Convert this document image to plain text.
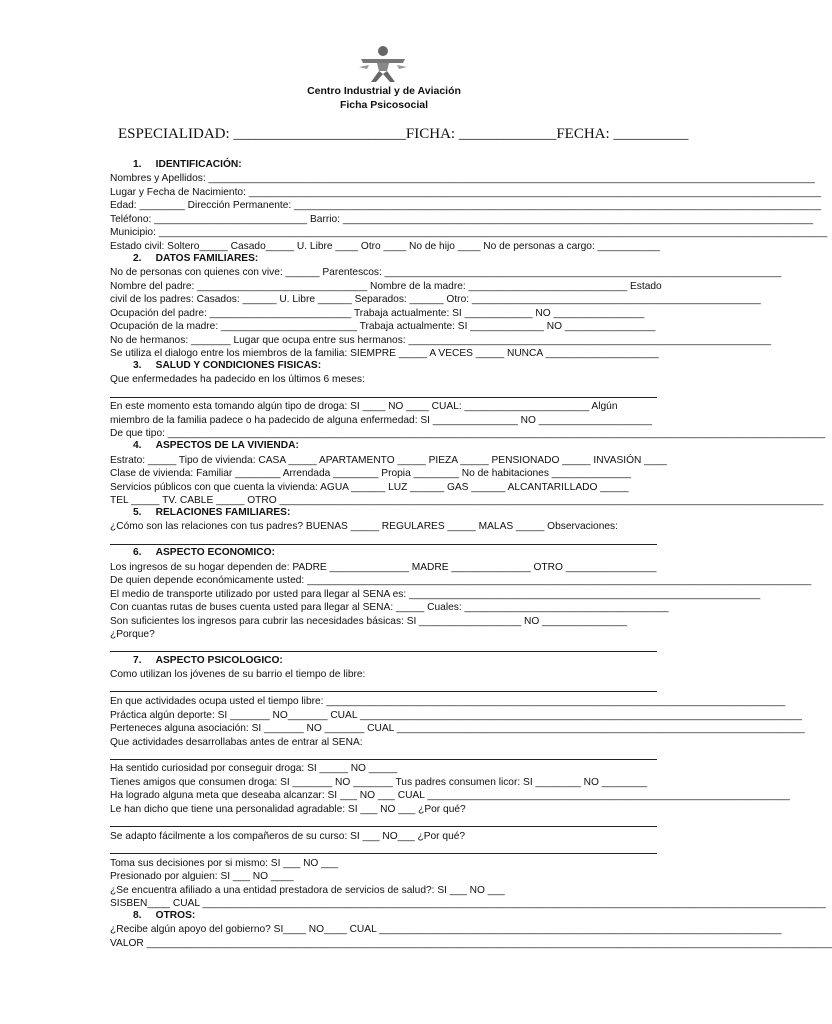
Centro Industrial y de Aviación
Ficha Psicosocial
ESPECIALIDAD: _______________________FICHA: _____________FECHA: __________
1.     IDENTIFICACIÓN:
Nombres y Apellidos: ___________________________________________________________________________________________________________
Lugar y Fecha de Nacimiento: _____________________________________________________________________________________________________
Edad: ________ Dirección Permanente: _____________________________________________________________________________________________
Teléfono: ___________________________ Barrio: ___________________________________________________________________________________
Municipio: ______________________________________________________________________________________________________________________
Estado civil: Soltero_____ Casado_____ U. Libre ____ Otro ____ No de hijo ____ No de personas a cargo: ___________
2.     DATOS FAMILIARES:
No de personas con quienes con vive: ______ Parentescos: ______________________________________________________________________
Nombre del padre: ______________________________ Nombre de la madre: ____________________________ Estado
civil de los padres: Casados: ______ U. Libre ______ Separados: ______ Otro: ___________________________________________________
Ocupación del padre: _________________________ Trabaja actualmente: SI ____________ NO ________________
Ocupación de la madre: ________________________ Trabaja actualmente: SI _____________ NO ________________
No de hermanos: _______ Lugar que ocupa entre sus hermanos: ________________________________________________________________
Se utiliza el dialogo entre los miembros de la familia: SIEMPRE _____ A VECES _____ NUNCA ____________________
3.     SALUD Y CONDICIONES FISICAS:
Que enfermedades ha padecido en los últimos 6 meses:
En este momento esta tomando algún tipo de droga: SI ____ NO ____ CUAL: ______________________ Algún
miembro de la familia padece o ha padecido de alguna enfermedad: SI _______________ NO ____________________
De que tipo: ____________________________________________________________________________________________________________________
4.     ASPECTOS DE LA VIVIENDA:
Estrato: _____ Tipo de vivienda: CASA _____ APARTAMENTO _____ PIEZA _____ PENSIONADO _____ INVASIÓN ____
Clase de vivienda: Familiar ________ Arrendada ________ Propia ________ No de habitaciones ______________
Servicios públicos con que cuenta la vivienda: AGUA ______ LUZ ______ GAS ______ ALCANTARILLADO _____
TEL _____ TV. CABLE _____ OTRO ________________________________________________________________________________________________
5.     RELACIONES FAMILIARES:
¿Cómo son las relaciones con tus padres? BUENAS _____ REGULARES _____ MALAS _____ Observaciones:
6.     ASPECTO ECONOMICO:
Los ingresos de su hogar dependen de: PADRE ______________ MADRE ______________ OTRO ________________
De quien depende económicamente usted: _________________________________________________________________________________________
El medio de transporte utilizado por usted para llegar al SENA es: ______________________________________________________________
Con cuantas rutas de buses cuenta usted para llegar al SENA: _____ Cuales: ____________________________________
Son suficientes los ingresos para cubrir las necesidades básicas: SI __________________ NO _______________
¿Porque?
7.     ASPECTO PSICOLOGICO:
Como utilizan los jóvenes de su barrio el tiempo de libre:
En que actividades ocupa usted el tiempo libre: _________________________________________________________________________________
Práctica algún deporte: SI _______ NO_______ CUAL ______________________________________________________________________________
Perteneces alguna asociación: SI _______ NO _______ CUAL ________________________________________________________________________
Que actividades desarrollabas antes de entrar al SENA:
Ha sentido curiosidad por conseguir droga: SI _____ NO _____
Tienes amigos que consumen droga: SI _______ NO _______ Tus padres consumen licor: SI ________ NO ________
Ha logrado alguna meta que deseaba alcanzar: SI ___ NO ___ CUAL ________________________________________________________________
Le han dicho que tiene una personalidad agradable: SI ___ NO ___ ¿Por qué?
Se adapto fácilmente a los compañeros de su curso: SI ___ NO___ ¿Por qué?
Toma sus decisiones por si mismo: SI ___ NO ___
Presionado por alguien: SI ___ NO ____
¿Se encuentra afiliado a una entidad prestadora de servicios de salud?: SI ___ NO ___
SISBEN____ CUAL ______________________________________________________________________________________________________________
8.     OTROS:
¿Recibe algún apoyo del gobierno? SI____ NO____ CUAL _______________________________________________________________________
VALOR _________________________________________________________________________________________________________________________
